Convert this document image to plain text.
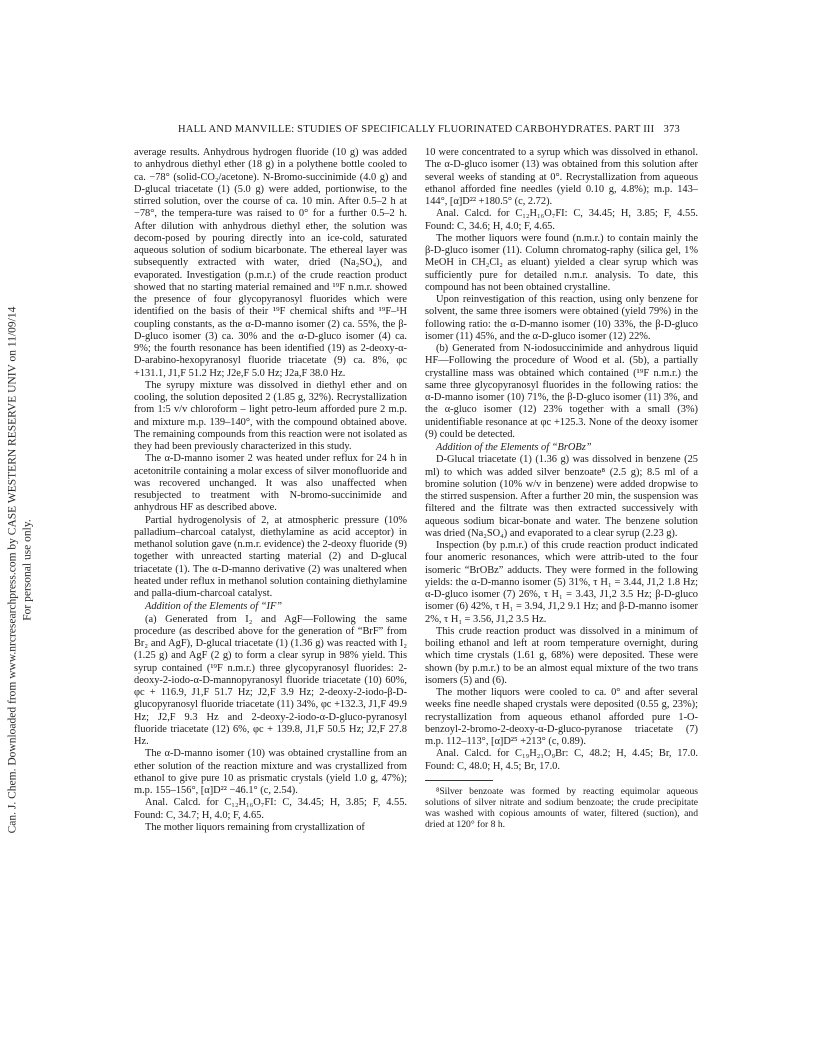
Can. J. Chem. Downloaded from www.nrcresearchpress.com by CASE WESTERN RESERVE UNIV on 11/09/14 For personal use only.
HALL AND MANVILLE: STUDIES OF SPECIFICALLY FLUORINATED CARBOHYDRATES. PART III 373

average results. Anhydrous hydrogen fluoride (10 g) was added to anhydrous diethyl ether (18 g) in a polythene bottle cooled to ca. −78° (solid-CO₂/acetone). N-Bromo-succinimide (4.0 g) and D-glucal triacetate (1) (5.0 g) were added, portionwise, to the stirred solution, over the course of ca. 10 min. After 0.5–2 h at −78°, the tempera-ture was raised to 0° for a further 0.5–2 h. After dilution with anhydrous diethyl ether, the solution was decom-posed by pouring directly into an ice-cold, saturated aqueous solution of sodium bicarbonate. The ethereal layer was subsequently extracted with water, dried (Na₂SO₄), and evaporated. Investigation (p.m.r.) of the crude reaction product showed that no starting material remained and ¹⁹F n.m.r. showed the presence of four glycopyranosyl fluorides which were identified on the basis of their ¹⁹F chemical shifts and ¹⁹F–¹H coupling constants, as the α-D-manno isomer (2) ca. 55%, the β-D-gluco isomer (3) ca. 30% and the α-D-gluco isomer (4) ca. 9%; the fourth resonance has been identified (19) as 2-deoxy-α-D-arabino-hexopyranosyl fluoride triacetate (9) ca. 8%, φc +131.1, J1,F 51.2 Hz; J2e,F 5.0 Hz; J2a,F 38.0 Hz.

The syrupy mixture was dissolved in diethyl ether and on cooling, the solution deposited 2 (1.85 g, 32%). Recrystallization from 1:5 v/v chloroform – light petro-leum afforded pure 2 m.p. and mixture m.p. 139–140°, with the compound obtained above. The remaining compounds from this reaction were not isolated as they had been previously characterized in this study.

The α-D-manno isomer 2 was heated under reflux for 24 h in acetonitrile containing a molar excess of silver monofluoride and was recovered unchanged. It was also unaffected when resubjected to treatment with N-bromo-succinimide and anhydrous HF as described above.

Partial hydrogenolysis of 2, at atmospheric pressure (10% palladium–charcoal catalyst, diethylamine as acid acceptor) in methanol solution gave (n.m.r. evidence) the 2-deoxy fluoride (9) together with unreacted starting material (2) and D-glucal triacetate (1). The α-D-manno derivative (2) was unaltered when heated under reflux in methanol solution containing diethylamine and palla-dium-charcoal catalyst.

Addition of the Elements of “IF”

(a) Generated from I₂ and AgF—Following the same procedure (as described above for the generation of “BrF” from Br₂ and AgF), D-glucal triacetate (1) (1.36 g) was reacted with I₂ (1.25 g) and AgF (2 g) to form a clear syrup in 98% yield. This syrup contained (¹⁹F n.m.r.) three glycopyranosyl fluorides: 2-deoxy-2-iodo-α-D-mannopyranosyl fluoride triacetate (10) 60%, φc + 116.9, J1,F 51.7 Hz; J2,F 3.9 Hz; 2-deoxy-2-iodo-β-D-glucopyranosyl fluoride triacetate (11) 34%, φc +132.3, J1,F 49.9 Hz; J2,F 9.3 Hz and 2-deoxy-2-iodo-α-D-gluco-pyranosyl fluoride triacetate (12) 6%, φc + 139.8, J1,F 50.5 Hz; J2,F 27.8 Hz.

The α-D-manno isomer (10) was obtained crystalline from an ether solution of the reaction mixture and was crystallized from ethanol to give pure 10 as prismatic crystals (yield 1.0 g, 47%); m.p. 155–156°, [α]D²² −46.1° (c, 2.54).

Anal. Calcd. for C₁₂H₁₆O₇FI: C, 34.45; H, 3.85; F, 4.55. Found: C, 34.7; H, 4.0; F, 4.65.

The mother liquors remaining from crystallization of

10 were concentrated to a syrup which was dissolved in ethanol. The α-D-gluco isomer (13) was obtained from this solution after several weeks of standing at 0°. Recrystallization from aqueous ethanol afforded fine needles (yield 0.10 g, 4.8%); m.p. 143–144°, [α]D²² +180.5° (c, 2.72).

Anal. Calcd. for C₁₂H₁₆O₇FI: C, 34.45; H, 3.85; F, 4.55. Found: C, 34.6; H, 4.0; F, 4.65.

The mother liquors were found (n.m.r.) to contain mainly the β-D-gluco isomer (11). Column chromatog-raphy (silica gel, 1% MeOH in CH₂Cl₂ as eluant) yielded a clear syrup which was sufficiently pure for detailed n.m.r. analysis. To date, this compound has not been obtained crystalline.

Upon reinvestigation of this reaction, using only benzene for solvent, the same three isomers were obtained (yield 79%) in the following ratio: the α-D-manno isomer (10) 33%, the β-D-gluco isomer (11) 45%, and the α-D-gluco isomer (12) 22%.

(b) Generated from N-iodosuccinimide and anhydrous liquid HF—Following the procedure of Wood et al. (5b), a partially crystalline mass was obtained which contained (¹⁹F n.m.r.) the same three glycopyranosyl fluorides in the following ratios: the α-D-manno isomer (10) 71%, the β-D-gluco isomer (11) 3%, and the α-gluco isomer (12) 23% together with a small (3%) unidentifiable resonance at φc +125.3. None of the deoxy isomer (9) could be detected.

Addition of the Elements of “BrOBz”

D-Glucal triacetate (1) (1.36 g) was dissolved in benzene (25 ml) to which was added silver benzoate⁸ (2.5 g); 8.5 ml of a bromine solution (10% w/v in benzene) were added dropwise to the stirred suspension. After a further 20 min, the suspension was filtered and the filtrate was then extracted successively with aqueous sodium bicar-bonate and water. The benzene solution was dried (Na₂SO₄) and evaporated to a clear syrup (2.23 g).

Inspection (by p.m.r.) of this crude reaction product indicated four anomeric resonances, which were attrib-uted to the four isomeric “BrOBz” adducts. They were formed in the following yields: the α-D-manno isomer (5) 31%, τ H₁ = 3.44, J1,2 1.8 Hz; α-D-gluco isomer (7) 26%, τ H₁ = 3.43, J1,2 3.5 Hz; β-D-gluco isomer (6) 42%, τ H₁ = 3.94, J1,2 9.1 Hz; and β-D-manno isomer 2%, τ H₁ = 3.56, J1,2 3.5 Hz.

This crude reaction product was dissolved in a minimum of boiling ethanol and left at room temperature overnight, during which time crystals (1.61 g, 68%) were deposited. These were shown (by p.m.r.) to be an almost equal mixture of the two trans isomers (5) and (6).

The mother liquors were cooled to ca. 0° and after several weeks fine needle shaped crystals were deposited (0.55 g, 23%); recrystallization from aqueous ethanol afforded pure 1-O-benzoyl-2-bromo-2-deoxy-α-D-gluco-pyranose triacetate (7) m.p. 112–113°, [α]D²⁵ +213° (c, 0.89).

Anal. Calcd. for C₁₉H₂₁O₉Br: C, 48.2; H, 4.45; Br, 17.0. Found: C, 48.0; H, 4.5; Br, 17.0.

⁸Silver benzoate was formed by reacting equimolar aqueous solutions of silver nitrate and sodium benzoate; the crude precipitate was washed with copious amounts of water, filtered (suction), and dried at 120° for 8 h.
